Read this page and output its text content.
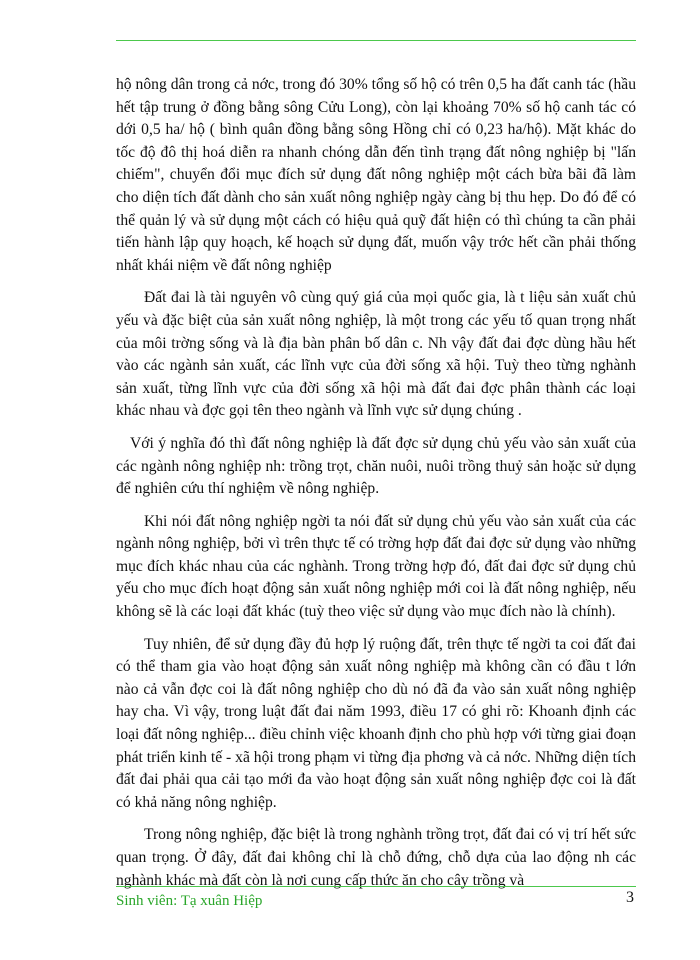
hộ nông dân trong cả nớc, trong đó 30% tổng số hộ có trên 0,5 ha đất canh tác (hầu hết tập trung ở đồng bằng sông Cửu Long), còn lại khoảng 70% số hộ canh tác có dới 0,5 ha/ hộ ( bình quân đồng bằng sông Hồng chỉ có 0,23 ha/hộ). Mặt khác do tốc độ đô thị hoá diễn ra nhanh chóng dẫn đến tình trạng đất nông nghiệp bị "lấn chiếm", chuyển đổi mục đích sử dụng đất nông nghiệp một cách bừa bãi đã làm cho diện tích đất dành cho sản xuất nông nghiệp ngày càng bị thu hẹp. Do đó để có thể quản lý và sử dụng một cách có hiệu quả quỹ đất hiện có thì chúng ta cần phải tiến hành lập quy hoạch, kế hoạch sử dụng đất, muốn vậy trớc hết cần phải thống nhất khái niệm về đất nông nghiệp

Đất đai là tài nguyên vô cùng quý giá của mọi quốc gia, là t liệu sản xuất chủ yếu và đặc biệt của sản xuất nông nghiệp, là một trong các yếu tố quan trọng nhất của môi trờng sống và là địa bàn phân bố dân c. Nh vậy đất đai đợc dùng hầu hết vào các ngành sản xuất, các lĩnh vực của đời sống xã hội. Tuỳ theo từng nghành sản xuất, từng lĩnh vực của đời sống xã hội mà đất đai đợc phân thành các loại khác nhau và đợc gọi tên theo ngành và lĩnh vực sử dụng chúng .

Với ý nghĩa đó thì đất nông nghiệp là đất đợc sử dụng chủ yếu vào sản xuất của các ngành nông nghiệp nh: trồng trọt, chăn nuôi, nuôi trồng thuỷ sản hoặc sử dụng để nghiên cứu thí nghiệm về nông nghiệp.

Khi nói đất nông nghiệp ngời ta nói đất sử dụng chủ yếu vào sản xuất của các ngành nông nghiệp, bởi vì trên thực tế có trờng hợp đất đai đợc sử dụng vào những mục đích khác nhau của các nghành. Trong trờng hợp đó, đất đai đợc sử dụng chủ yếu cho mục đích hoạt động sản xuất nông nghiệp mới coi là đất nông nghiệp, nếu không sẽ là các loại đất khác (tuỳ theo việc sử dụng vào mục đích nào là chính).

Tuy nhiên, để sử dụng đầy đủ hợp lý ruộng đất, trên thực tế ngời ta coi đất đai có thể tham gia vào hoạt động sản xuất nông nghiệp mà không cần có đầu t lớn nào cả vẫn đợc coi là đất nông nghiệp cho dù nó đã đa vào sản xuất nông nghiệp hay cha. Vì vậy, trong luật đất đai năm 1993, điều 17 có ghi rõ: Khoanh định các loại đất nông nghiệp... điều chỉnh việc khoanh định cho phù hợp với từng giai đoạn phát triển kinh tế - xã hội trong phạm vi từng địa phơng và cả nớc. Những diện tích đất đai phải qua cải tạo mới đa vào hoạt động sản xuất nông nghiệp đợc coi là đất có khả năng nông nghiệp.

Trong nông nghiệp, đặc biệt là trong nghành trồng trọt, đất đai có vị trí hết sức quan trọng. Ở đây, đất đai không chỉ là chỗ đứng, chỗ dựa của lao động nh các nghành khác mà đất còn là nơi cung cấp thức ăn cho cây trồng và

Sinh viên: Tạ xuân Hiệp	3
